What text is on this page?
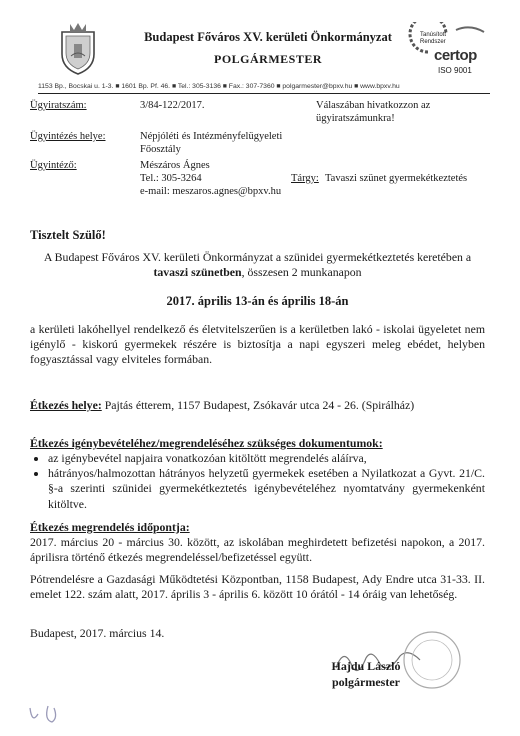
Budapest Főváros XV. kerületi Önkormányzat
POLGÁRMESTER
Tanúsított
Rendszer
certop
ISO 9001
1153 Bp., Bocskai u. 1-3. ■ 1601 Bp. Pf. 46. ■ Tel.: 305-3136 ■ Fax.: 307-7360 ■ polgarmester@bpxv.hu ■ www.bpxv.hu
Ügyiratszám:	3/84-122/2017.	Válaszában hivatkozzon az ügyiratszámunkra!
Ügyintézés helye:	Népjóléti és Intézményfelügyeleti Főosztály
Ügyintéző:	Mészáros Ágnes
Tel.: 305-3264
e-mail: meszaros.agnes@bpxv.hu
Tárgy: Tavaszi szünet gyermekétkeztetés
Tisztelt Szülő!
A Budapest Főváros XV. kerületi Önkormányzat a szünidei gyermekétkeztetés keretében a tavaszi szünetben, összesen 2 munkanapon
2017. április 13-án és április 18-án
a kerületi lakóhellyel rendelkező és életvitelszerűen is a kerületben lakó - iskolai ügyeletet nem igénylő - kiskorú gyermekek részére is biztosítja a napi egyszeri meleg ebédet, helyben fogyasztással vagy elviteles formában.
Étkezés helye: Pajtás étterem, 1157 Budapest, Zsókavár utca 24 - 26. (Spirálház)
Étkezés igénybevételéhez/megrendeléséhez szükséges dokumentumok:
• az igénybevétel napjaira vonatkozóan kitöltött megrendelés aláírva,
• hátrányos/halmozottan hátrányos helyzetű gyermekek esetében a Nyilatkozat a Gyvt. 21/C. §-a szerinti szünidei gyermekétkeztetés igénybevételéhez nyomtatvány gyermekenként kitöltve.
Étkezés megrendelés időpontja:
2017. március 20 - március 30. között, az iskolában meghirdetett befizetési napokon, a 2017. áprilisra történő étkezés megrendeléssel/befizetéssel együtt.
Pótrendelésre a Gazdasági Működtetési Központban, 1158 Budapest, Ady Endre utca 31-33. II. emelet 122. szám alatt, 2017. április 3 - április 6. között 10 órától - 14 óráig van lehetőség.
Budapest, 2017. március 14.
Hajdu László
polgármester
